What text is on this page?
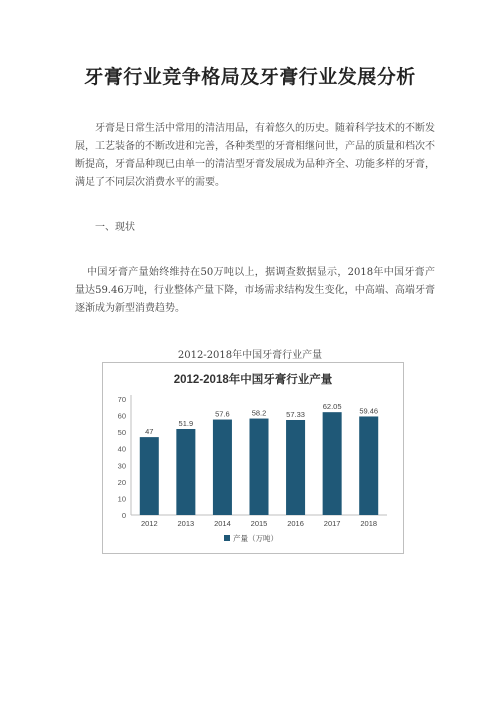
牙膏行业竞争格局及牙膏行业发展分析
牙膏是日常生活中常用的清洁用品，有着悠久的历史。随着科学技术的不断发展，工艺装备的不断改进和完善，各种类型的牙膏相继问世，产品的质量和档次不断提高，牙膏品种现已由单一的清洁型牙膏发展成为品种齐全、功能多样的牙膏，满足了不同层次消费水平的需要。
一、现状
中国牙膏产量始终维持在50万吨以上，据调查数据显示，2018年中国牙膏产量达59.46万吨，行业整体产量下降，市场需求结构发生变化，中高端、高端牙膏逐渐成为新型消费趋势。
2012-2018年中国牙膏行业产量
2012-2018年中国牙膏行业产量
0
10
20
30
40
50
60
70
47
2012
51.9
2013
57.6
2014
58.2
2015
57.33
2016
62.05
2017
59.46
2018
产量（万吨）
